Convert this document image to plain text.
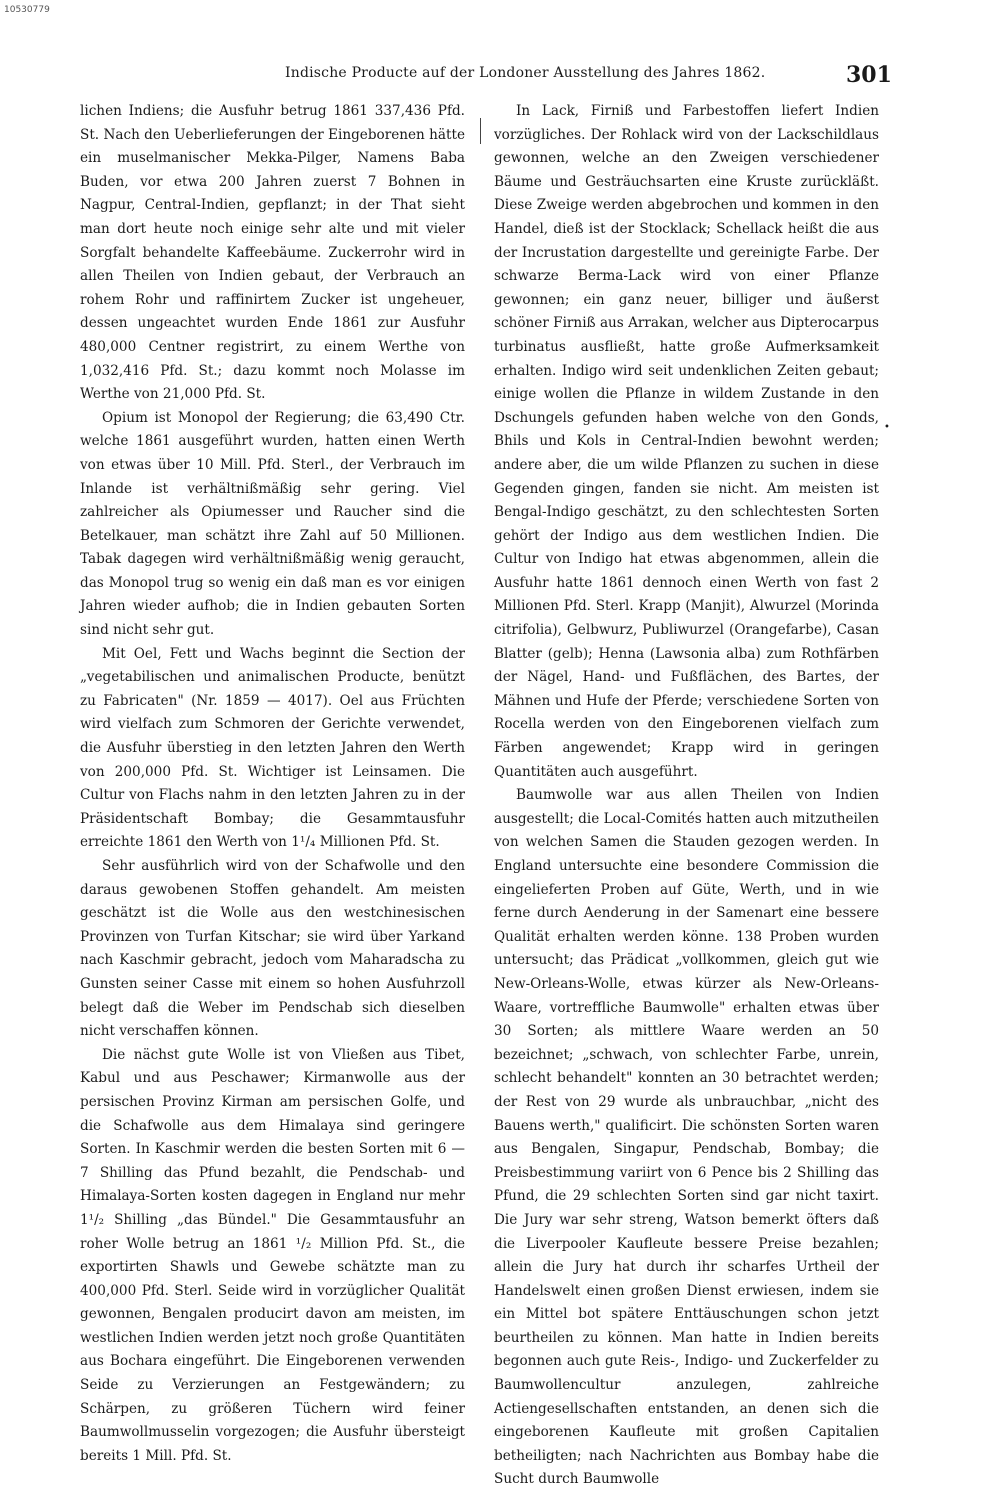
10530779
Indische Producte auf der Londoner Ausstellung des Jahres 1862.	301
•

lichen Indiens; die Ausfuhr betrug 1861 337,436 Pfd. St. Nach den Ueberlieferungen der Eingeborenen hätte ein muselmanischer Mekka-Pilger, Namens Baba Buden, vor etwa 200 Jahren zuerst 7 Bohnen in Nagpur, Central-Indien, gepflanzt; in der That sieht man dort heute noch einige sehr alte und mit vieler Sorgfalt behandelte Kaffeebäume. Zuckerrohr wird in allen Theilen von Indien gebaut, der Verbrauch an rohem Rohr und raffinirtem Zucker ist ungeheuer, dessen ungeachtet wurden Ende 1861 zur Ausfuhr 480,000 Centner registrirt, zu einem Werthe von 1,032,416 Pfd. St.; dazu kommt noch Molasse im Werthe von 21,000 Pfd. St.

Opium ist Monopol der Regierung; die 63,490 Ctr. welche 1861 ausgeführt wurden, hatten einen Werth von etwas über 10 Mill. Pfd. Sterl., der Verbrauch im Inlande ist verhältnißmäßig sehr gering. Viel zahlreicher als Opiumesser und Raucher sind die Betelkauer, man schätzt ihre Zahl auf 50 Millionen. Tabak dagegen wird verhältnißmäßig wenig geraucht, das Monopol trug so wenig ein daß man es vor einigen Jahren wieder aufhob; die in Indien gebauten Sorten sind nicht sehr gut.

Mit Oel, Fett und Wachs beginnt die Section der „vegetabilischen und animalischen Producte, benützt zu Fabricaten" (Nr. 1859 — 4017). Oel aus Früchten wird vielfach zum Schmoren der Gerichte verwendet, die Ausfuhr überstieg in den letzten Jahren den Werth von 200,000 Pfd. St. Wichtiger ist Leinsamen. Die Cultur von Flachs nahm in den letzten Jahren zu in der Präsidentschaft Bombay; die Gesammtausfuhr erreichte 1861 den Werth von 1¹/₄ Millionen Pfd. St.

Sehr ausführlich wird von der Schafwolle und den daraus gewobenen Stoffen gehandelt. Am meisten geschätzt ist die Wolle aus den westchinesischen Provinzen von Turfan Kitschar; sie wird über Yarkand nach Kaschmir gebracht, jedoch vom Maharadscha zu Gunsten seiner Casse mit einem so hohen Ausfuhrzoll belegt daß die Weber im Pendschab sich dieselben nicht verschaffen können.

Die nächst gute Wolle ist von Vließen aus Tibet, Kabul und aus Peschawer; Kirmanwolle aus der persischen Provinz Kirman am persischen Golfe, und die Schafwolle aus dem Himalaya sind geringere Sorten. In Kaschmir werden die besten Sorten mit 6 — 7 Shilling das Pfund bezahlt, die Pendschab- und Himalaya-Sorten kosten dagegen in England nur mehr 1¹/₂ Shilling „das Bündel." Die Gesammtausfuhr an roher Wolle betrug an 1861 ¹/₂ Million Pfd. St., die exportirten Shawls und Gewebe schätzte man zu 400,000 Pfd. Sterl. Seide wird in vorzüglicher Qualität gewonnen, Bengalen producirt davon am meisten, im westlichen Indien werden jetzt noch große Quantitäten aus Bochara eingeführt. Die Eingeborenen verwenden Seide zu Verzierungen an Festgewändern; zu Schärpen, zu größeren Tüchern wird feiner Baumwollmusselin vorgezogen; die Ausfuhr übersteigt bereits 1 Mill. Pfd. St.

In Lack, Firniß und Farbestoffen liefert Indien vorzügliches. Der Rohlack wird von der Lackschildlaus gewonnen, welche an den Zweigen verschiedener Bäume und Gesträuchsarten eine Kruste zurückläßt. Diese Zweige werden abgebrochen und kommen in den Handel, dieß ist der Stocklack; Schellack heißt die aus der Incrustation dargestellte und gereinigte Farbe. Der schwarze Berma-Lack wird von einer Pflanze gewonnen; ein ganz neuer, billiger und äußerst schöner Firniß aus Arrakan, welcher aus Dipterocarpus turbinatus ausfließt, hatte große Aufmerksamkeit erhalten. Indigo wird seit undenklichen Zeiten gebaut; einige wollen die Pflanze in wildem Zustande in den Dschungels gefunden haben welche von den Gonds, Bhils und Kols in Central-Indien bewohnt werden; andere aber, die um wilde Pflanzen zu suchen in diese Gegenden gingen, fanden sie nicht. Am meisten ist Bengal-Indigo geschätzt, zu den schlechtesten Sorten gehört der Indigo aus dem westlichen Indien. Die Cultur von Indigo hat etwas abgenommen, allein die Ausfuhr hatte 1861 dennoch einen Werth von fast 2 Millionen Pfd. Sterl. Krapp (Manjit), Alwurzel (Morinda citrifolia), Gelbwurz, Publiwurzel (Orangefarbe), Casan Blatter (gelb); Henna (Lawsonia alba) zum Rothfärben der Nägel, Hand- und Fußflächen, des Bartes, der Mähnen und Hufe der Pferde; verschiedene Sorten von Rocella werden von den Eingeborenen vielfach zum Färben angewendet; Krapp wird in geringen Quantitäten auch ausgeführt.

Baumwolle war aus allen Theilen von Indien ausgestellt; die Local-Comités hatten auch mitzutheilen von welchen Samen die Stauden gezogen werden. In England untersuchte eine besondere Commission die eingelieferten Proben auf Güte, Werth, und in wie ferne durch Aenderung in der Samenart eine bessere Qualität erhalten werden könne. 138 Proben wurden untersucht; das Prädicat „vollkommen, gleich gut wie New-Orleans-Wolle, etwas kürzer als New-Orleans-Waare, vortreffliche Baumwolle" erhalten etwas über 30 Sorten; als mittlere Waare werden an 50 bezeichnet; „schwach, von schlechter Farbe, unrein, schlecht behandelt" konnten an 30 betrachtet werden; der Rest von 29 wurde als unbrauchbar, „nicht des Bauens werth," qualificirt. Die schönsten Sorten waren aus Bengalen, Singapur, Pendschab, Bombay; die Preisbestimmung variirt von 6 Pence bis 2 Shilling das Pfund, die 29 schlechten Sorten sind gar nicht taxirt. Die Jury war sehr streng, Watson bemerkt öfters daß die Liverpooler Kaufleute bessere Preise bezahlen; allein die Jury hat durch ihr scharfes Urtheil der Handelswelt einen großen Dienst erwiesen, indem sie ein Mittel bot spätere Enttäuschungen schon jetzt beurtheilen zu können. Man hatte in Indien bereits begonnen auch gute Reis-, Indigo- und Zuckerfelder zu Baumwollencultur anzulegen, zahlreiche Actiengesellschaften entstanden, an denen sich die eingeborenen Kaufleute mit großen Capitalien betheiligten; nach Nachrichten aus Bombay habe die Sucht durch Baumwolle
